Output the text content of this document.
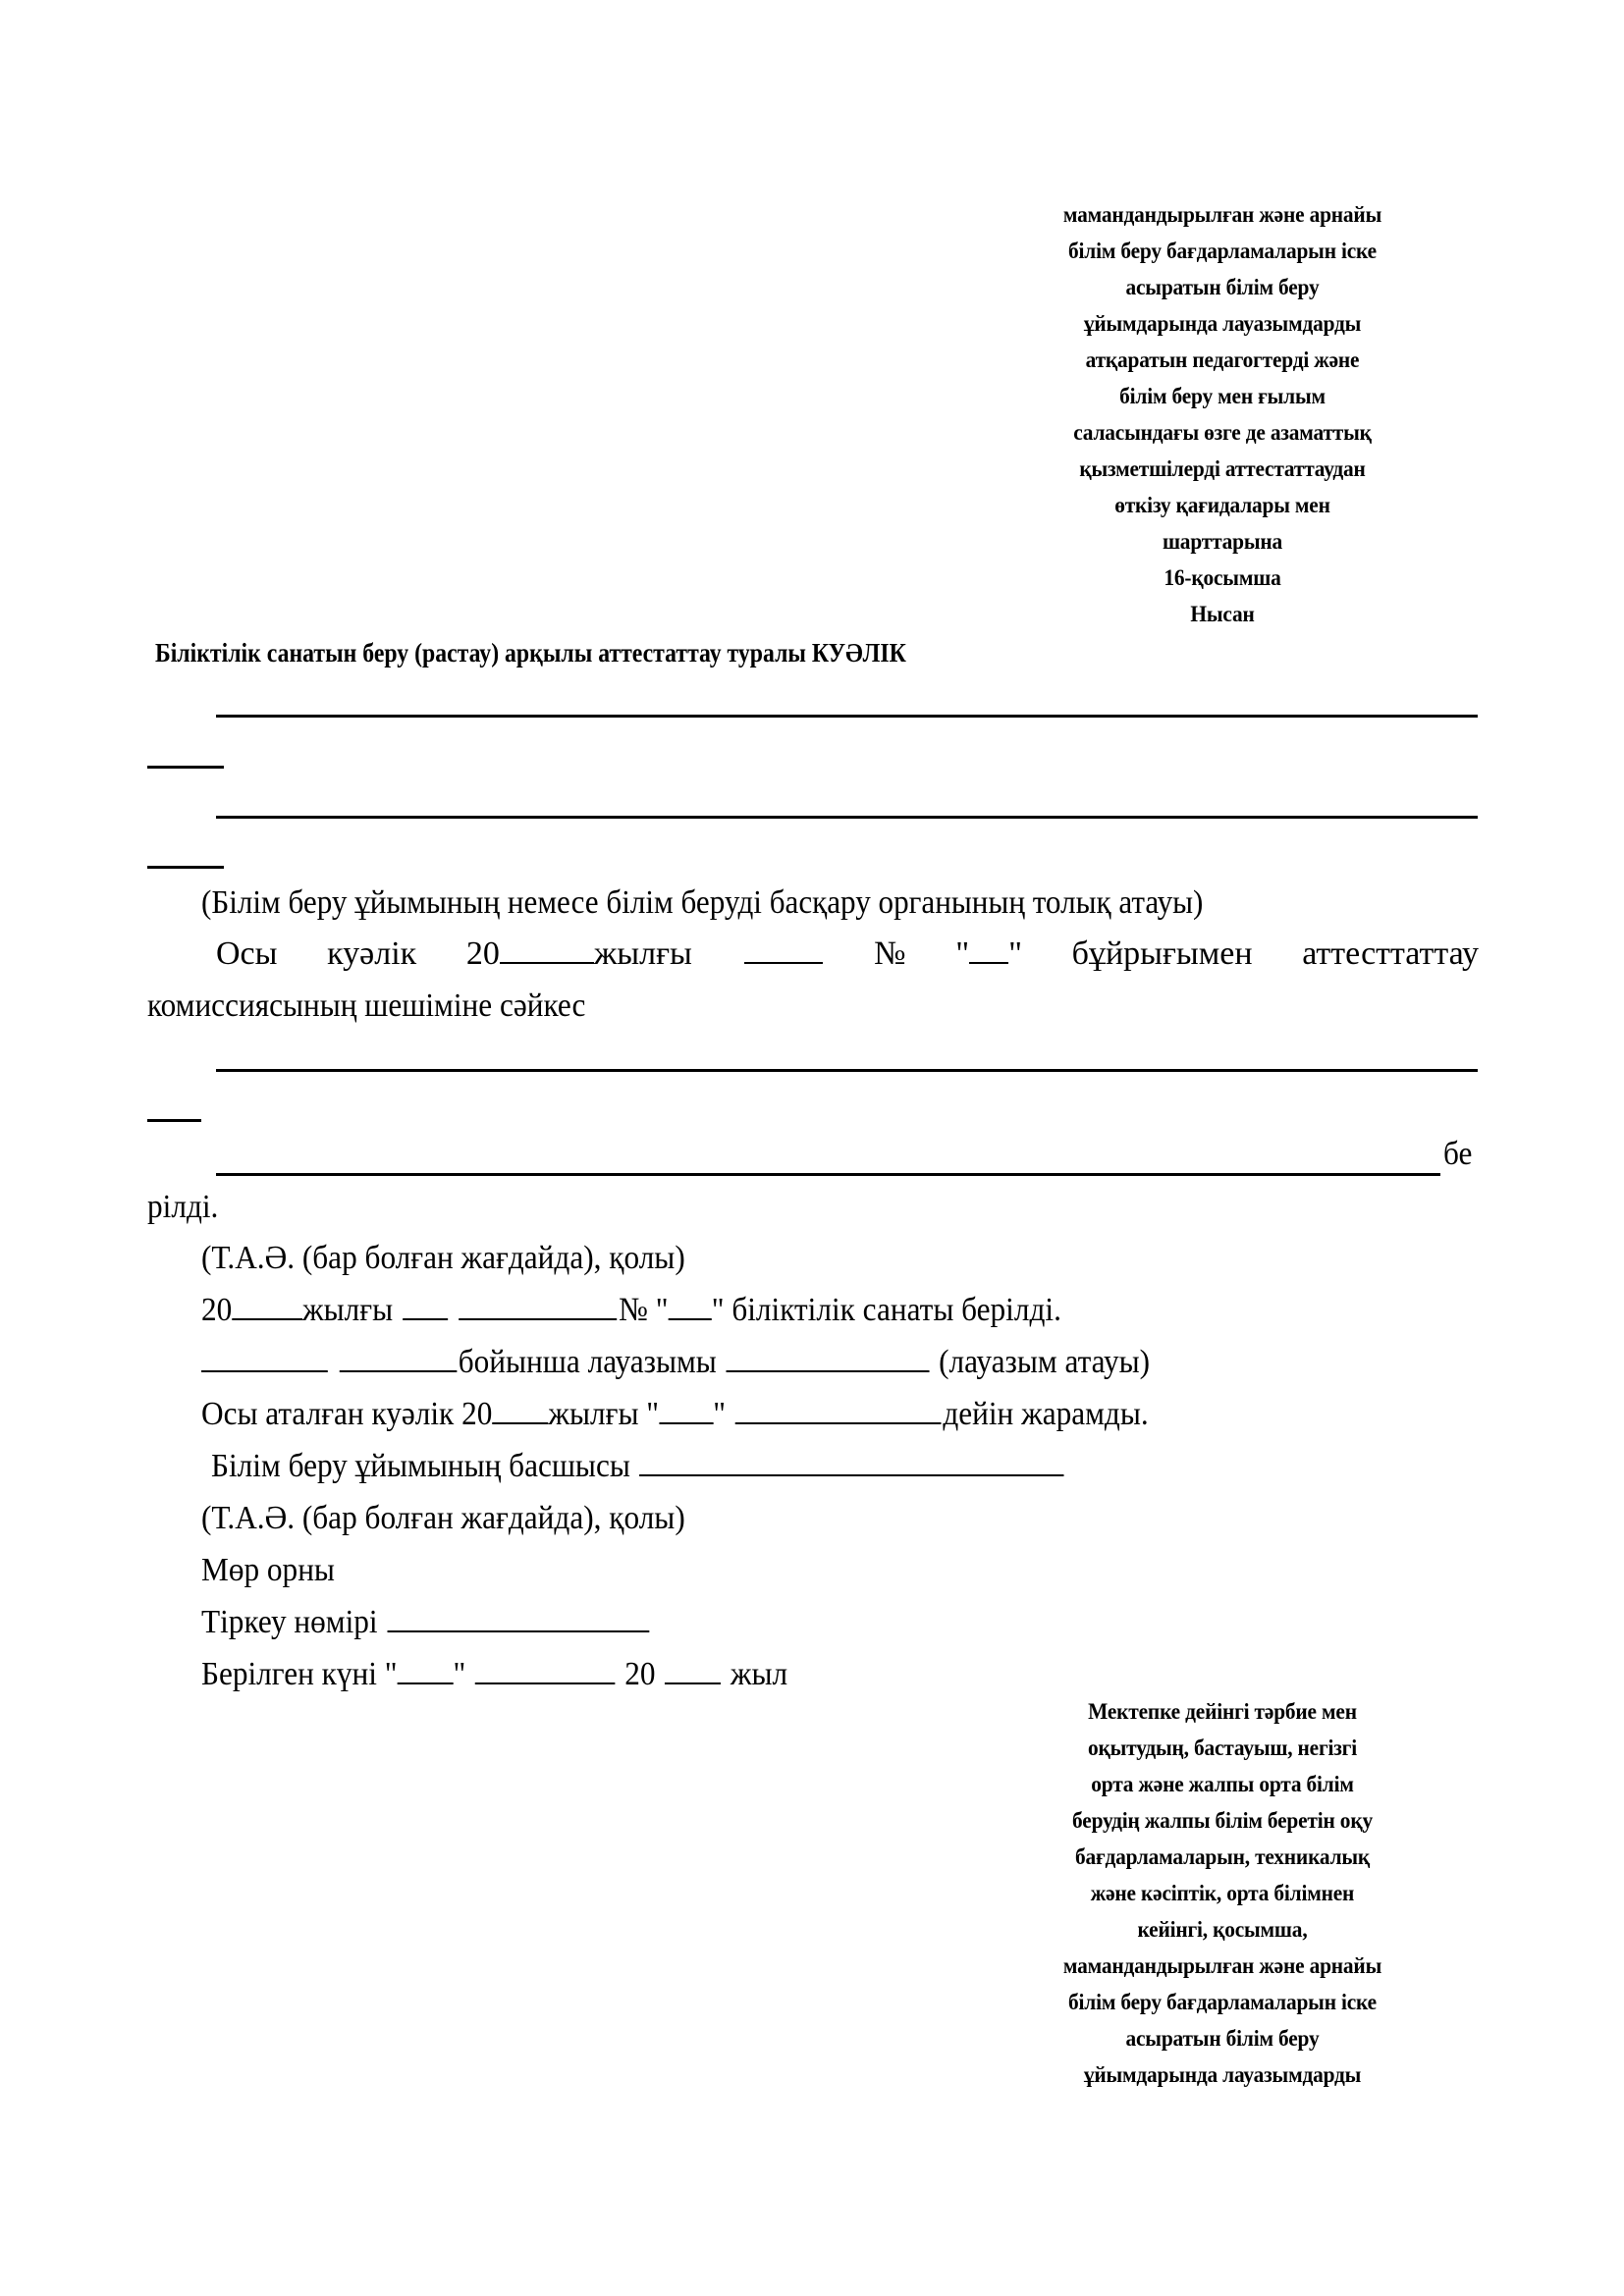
мамандандырылған және арнайы
білім беру бағдарламаларын іске
асыратын білім беру
ұйымдарында лауазымдарды
атқаратын педагогтерді және
білім беру мен ғылым
саласындағы өзге де азаматтық
қызметшілерді аттестаттаудан
өткізу қағидалары мен
шарттарына
16-қосымша
Нысан
Біліктілік санатын беру (растау) арқылы аттестаттау туралы КУӘЛІК
(Білім беру ұйымының немесе білім беруді басқару органының толық атауы)
Осы куәлік 20	жылғы	№ " " бұйрығымен аттесттаттау
комиссиясының шешіміне сәйкес
бе
рілді.
(Т.А.Ә. (бар болған жағдайда), қолы)
20 жылғы	№ " " біліктілік санаты берілді.
бойынша лауазымы	(лауазым атауы)
Осы аталған куәлік 20 жылғы " "	дейін жарамды.
Білім беру ұйымының басшысы
(Т.А.Ә. (бар болған жағдайда), қолы)
Мөр орны
Тіркеу нөмірі
Берілген күні " "	20 жыл
Мектепке дейінгі тәрбие мен
оқытудың, бастауыш, негізгі
орта және жалпы орта білім
берудің жалпы білім беретін оқу
бағдарламаларын, техникалық
және кәсіптік, орта білімнен
кейінгі, қосымша,
мамандандырылған және арнайы
білім беру бағдарламаларын іске
асыратын білім беру
ұйымдарында лауазымдарды
